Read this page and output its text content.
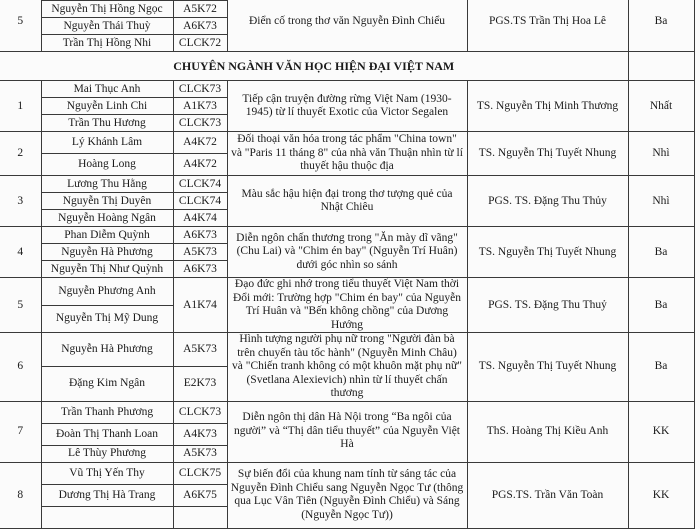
5			Điển cố trong thơ văn Nguyễn Đình Chiểu	PGS.TS Trần Thị Hoa Lê	Ba
	Nguyễn Thị Hồng Ngọc	A5K72			
	Nguyễn Thái Thuỳ	A6K73			
	Trần Thị Hồng Nhi	CLCK72			
CHUYÊN NGÀNH VĂN HỌC HIỆN ĐẠI VIỆT NAM					
1	Mai Thục Anh	CLCK73	Tiếp cận truyện đường rừng Việt Nam (1930-1945) từ lí thuyết Exotic của Victor Segalen	TS. Nguyễn Thị Minh Thương	Nhất
	Nguyễn Linh Chi	A1K73			
	Trần Thu Hương	CLCK73			
2	Lý Khánh Lâm	A4K72	Đối thoại văn hóa trong tác phẩm "China town" và "Paris 11 tháng 8" của nhà văn Thuận nhìn từ lí thuyết hậu thuộc địa	TS. Nguyễn Thị Tuyết Nhung	Nhì
	Hoàng Long	A4K72			
3	Lương Thu Hằng	CLCK74	Màu sắc hậu hiện đại trong thơ tượng quẻ của Nhật Chiêu	PGS. TS. Đặng Thu Thủy	Nhì
	Nguyễn Thị Duyên	CLCK74			
	Nguyễn Hoàng Ngân	A4K74			
4	Phan Diễm Quỳnh	A6K73	Diễn ngôn chấn thương trong "Ăn mày dĩ vãng" (Chu Lai) và "Chim én bay" (Nguyễn Trí Huân) dưới góc nhìn so sánh	TS. Nguyễn Thị Tuyết Nhung	Ba
	Nguyễn Hà Phương	A5K73			
	Nguyễn Thị Như Quỳnh	A6K73			
5	Nguyễn Phương Anh	A1K74	Đạo đức ghi nhớ trong tiểu thuyết Việt Nam thời Đổi mới: Trường hợp "Chim én bay" của Nguyễn Trí Huân và "Bến không chồng" của Dương Hướng	PGS. TS. Đặng Thu Thuỷ	Ba
	Nguyễn Thị Mỹ Dung				
6	Nguyễn Hà Phương	A5K73	Hình tượng người phụ nữ trong "Người đàn bà trên chuyến tàu tốc hành" (Nguyễn Minh Châu) và "Chiến tranh không có một khuôn mặt phụ nữ" (Svetlana Alexievich) nhìn từ lí thuyết chấn thương	TS. Nguyễn Thị Tuyết Nhung	Ba
	Đặng Kim Ngân	E2K73			
7	Trần Thanh Phương	CLCK73	Diễn ngôn thị dân Hà Nội trong “Ba ngôi của người” và “Thị dân tiểu thuyết” của Nguyễn Việt Hà	ThS. Hoàng Thị Kiều Anh	KK
	Đoàn Thị Thanh Loan	A4K73			
	Lê Thùy Phương	A5K73			
8	Vũ Thị Yến Thy	CLCK75	Sự biến đổi của khung nam tính từ sáng tác của Nguyễn Đình Chiểu sang Nguyễn Ngọc Tư (thông qua Lục Vân Tiên (Nguyễn Đình Chiểu) và Sáng (Nguyễn Ngọc Tư))	PGS.TS. Trần Văn Toàn	KK
	Dương Thị Hà Trang	A6K75			
